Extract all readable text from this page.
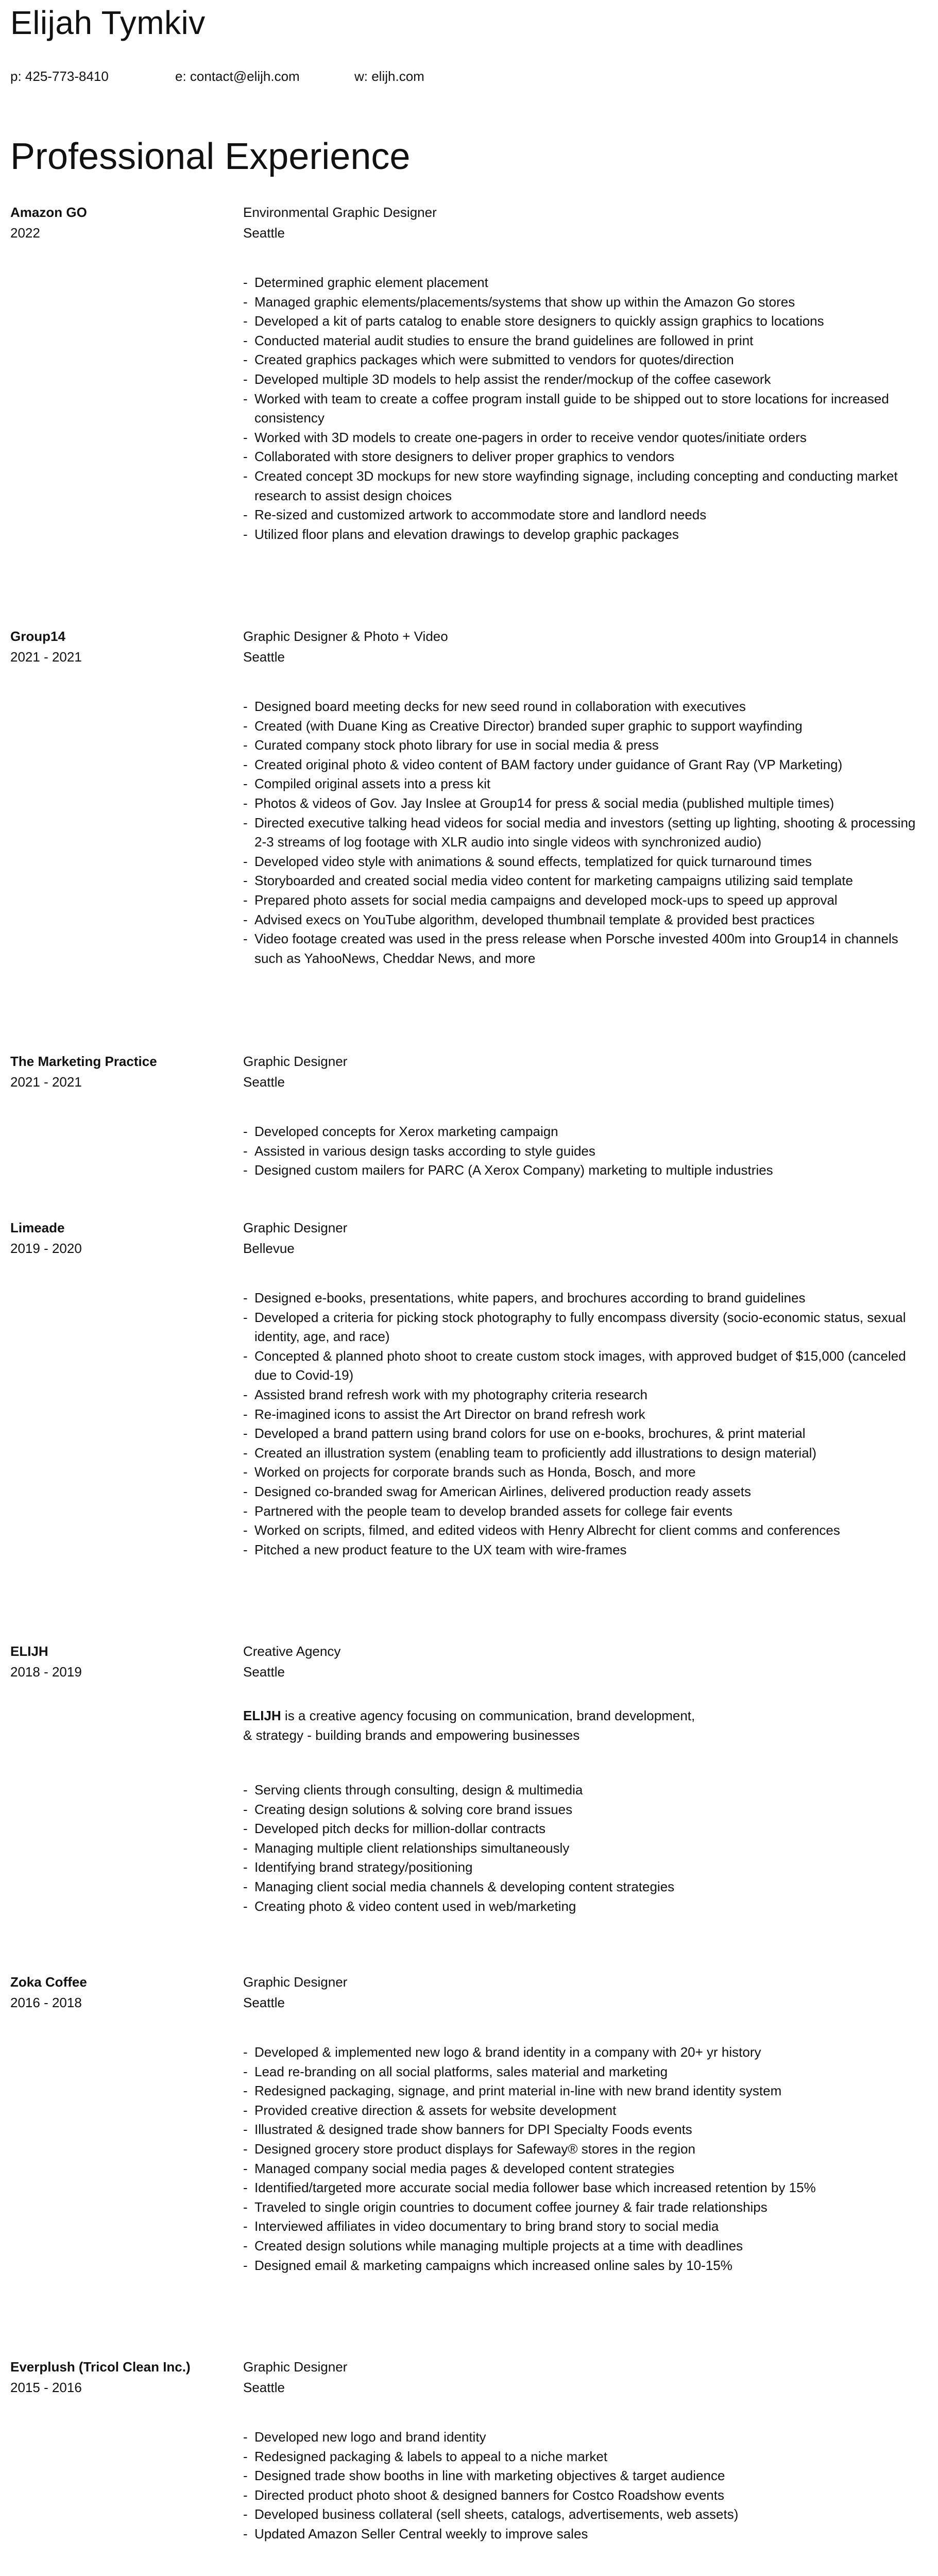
Elijah Tymkiv
p: 425-773-8410	e: contact@elijh.com	w: elijh.com
Professional Experience
Amazon GO
2022
Environmental Graphic Designer
Seattle
- Determined graphic element placement
- Managed graphic elements/placements/systems that show up within the Amazon Go stores
- Developed a kit of parts catalog to enable store designers to quickly assign graphics to locations
- Conducted material audit studies to ensure the brand guidelines are followed in print
- Created graphics packages which were submitted to vendors for quotes/direction
- Developed multiple 3D models to help assist the render/mockup of the coffee casework
- Worked with team to create a coffee program install guide to be shipped out to store locations for increased consistency
- Worked with 3D models to create one-pagers in order to receive vendor quotes/initiate orders
- Collaborated with store designers to deliver proper graphics to vendors
- Created concept 3D mockups for new store wayfinding signage, including concepting and conducting market research to assist design choices
- Re-sized and customized artwork to accommodate store and landlord needs
- Utilized floor plans and elevation drawings to develop graphic packages
Group14
2021 - 2021
Graphic Designer & Photo + Video
Seattle
- Designed board meeting decks for new seed round in collaboration with executives
- Created (with Duane King as Creative Director) branded super graphic to support wayfinding
- Curated company stock photo library for use in social media & press
- Created original photo & video content of BAM factory under guidance of Grant Ray (VP Marketing)
- Compiled original assets into a press kit
- Photos & videos of Gov. Jay Inslee at Group14 for press & social media (published multiple times)
- Directed executive talking head videos for social media and investors (setting up lighting, shooting & processing 2-3 streams of log footage with XLR audio into single videos with synchronized audio)
- Developed video style with animations & sound effects, templatized for quick turnaround times
- Storyboarded and created social media video content for marketing campaigns utilizing said template
- Prepared photo assets for social media campaigns and developed mock-ups to speed up approval
- Advised execs on YouTube algorithm, developed thumbnail template & provided best practices
- Video footage created was used in the press release when Porsche invested 400m into Group14 in channels such as YahooNews, Cheddar News, and more
The Marketing Practice
2021 - 2021
Graphic Designer
Seattle
- Developed concepts for Xerox marketing campaign
- Assisted in various design tasks according to style guides
- Designed custom mailers for PARC (A Xerox Company) marketing to multiple industries
Limeade
2019 - 2020
Graphic Designer
Bellevue
- Designed e-books, presentations, white papers, and brochures according to brand guidelines
- Developed a criteria for picking stock photography to fully encompass diversity (socio-economic status, sexual identity, age, and race)
- Concepted & planned photo shoot to create custom stock images, with approved budget of $15,000 (canceled due to Covid-19)
- Assisted brand refresh work with my photography criteria research
- Re-imagined icons to assist the Art Director on brand refresh work
- Developed a brand pattern using brand colors for use on e-books, brochures, & print material
- Created an illustration system (enabling team to proficiently add illustrations to design material)
- Worked on projects for corporate brands such as Honda, Bosch, and more
- Designed co-branded swag for American Airlines, delivered production ready assets
- Partnered with the people team to develop branded assets for college fair events
- Worked on scripts, filmed, and edited videos with Henry Albrecht for client comms and conferences
- Pitched a new product feature to the UX team with wire-frames
ELIJH
2018 - 2019
Creative Agency
Seattle
ELIJH is a creative agency focusing on communication, brand development,
& strategy - building brands and empowering businesses
- Serving clients through consulting, design & multimedia
- Creating design solutions & solving core brand issues
- Developed pitch decks for million-dollar contracts
- Managing multiple client relationships simultaneously
- Identifying brand strategy/positioning
- Managing client social media channels & developing content strategies
- Creating photo & video content used in web/marketing
Zoka Coffee
2016 - 2018
Graphic Designer
Seattle
- Developed & implemented new logo & brand identity in a company with 20+ yr history
- Lead re-branding on all social platforms, sales material and marketing
- Redesigned packaging, signage, and print material in-line with new brand identity system
- Provided creative direction & assets for website development
- Illustrated & designed trade show banners for DPI Specialty Foods events
- Designed grocery store product displays for Safeway® stores in the region
- Managed company social media pages & developed content strategies
- Identified/targeted more accurate social media follower base which increased retention by 15%
- Traveled to single origin countries to document coffee journey & fair trade relationships
- Interviewed affiliates in video documentary to bring brand story to social media
- Created design solutions while managing multiple projects at a time with deadlines
- Designed email & marketing campaigns which increased online sales by 10-15%
Everplush (Tricol Clean Inc.)
2015 - 2016
Graphic Designer
Seattle
- Developed new logo and brand identity
- Redesigned packaging & labels to appeal to a niche market
- Designed trade show booths in line with marketing objectives & target audience
- Directed product photo shoot & designed banners for Costco Roadshow events
- Developed business collateral (sell sheets, catalogs, advertisements, web assets)
- Updated Amazon Seller Central weekly to improve sales
